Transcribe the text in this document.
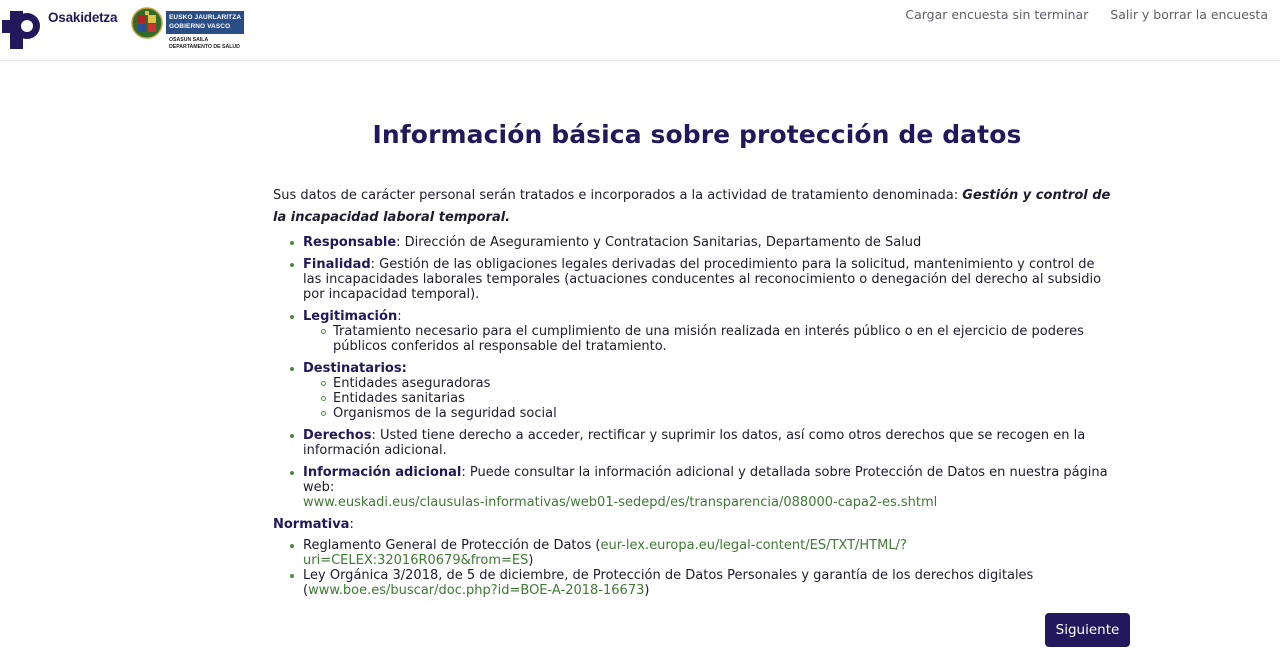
Osakidetza	EUSKO JAURLARITZA
GOBIERNO VASCO
OSASUN SAILA
DEPARTAMENTO DE SALUD
Cargar encuesta sin terminar Salir y borrar la encuesta
Información básica sobre protección de datos

Sus datos de carácter personal serán tratados e incorporados a la actividad de tratamiento denominada: Gestión y control de la incapacidad laboral temporal.

Responsable: Dirección de Aseguramiento y Contratacion Sanitarias, Departamento de Salud
Finalidad: Gestión de las obligaciones legales derivadas del procedimiento para la solicitud, mantenimiento y control de las incapacidades laborales temporales (actuaciones conducentes al reconocimiento o denegación del derecho al subsidio por incapacidad temporal).
Legitimación:
Tratamiento necesario para el cumplimiento de una misión realizada en interés público o en el ejercicio de poderes públicos conferidos al responsable del tratamiento.
Destinatarios:
Entidades aseguradoras
Entidades sanitarias
Organismos de la seguridad social
Derechos: Usted tiene derecho a acceder, rectificar y suprimir los datos, así como otros derechos que se recogen en la información adicional.
Información adicional: Puede consultar la información adicional y detallada sobre Protección de Datos en nuestra página web:
www.euskadi.eus/clausulas-informativas/web01-sedepd/es/transparencia/088000-capa2-es.shtml
Normativa:
Reglamento General de Protección de Datos (eur-lex.europa.eu/legal-content/ES/TXT/HTML/?uri=CELEX:32016R0679&from=ES)
Ley Orgánica 3/2018, de 5 de diciembre, de Protección de Datos Personales y garantía de los derechos digitales (www.boe.es/buscar/doc.php?id=BOE-A-2018-16673)
Siguiente
